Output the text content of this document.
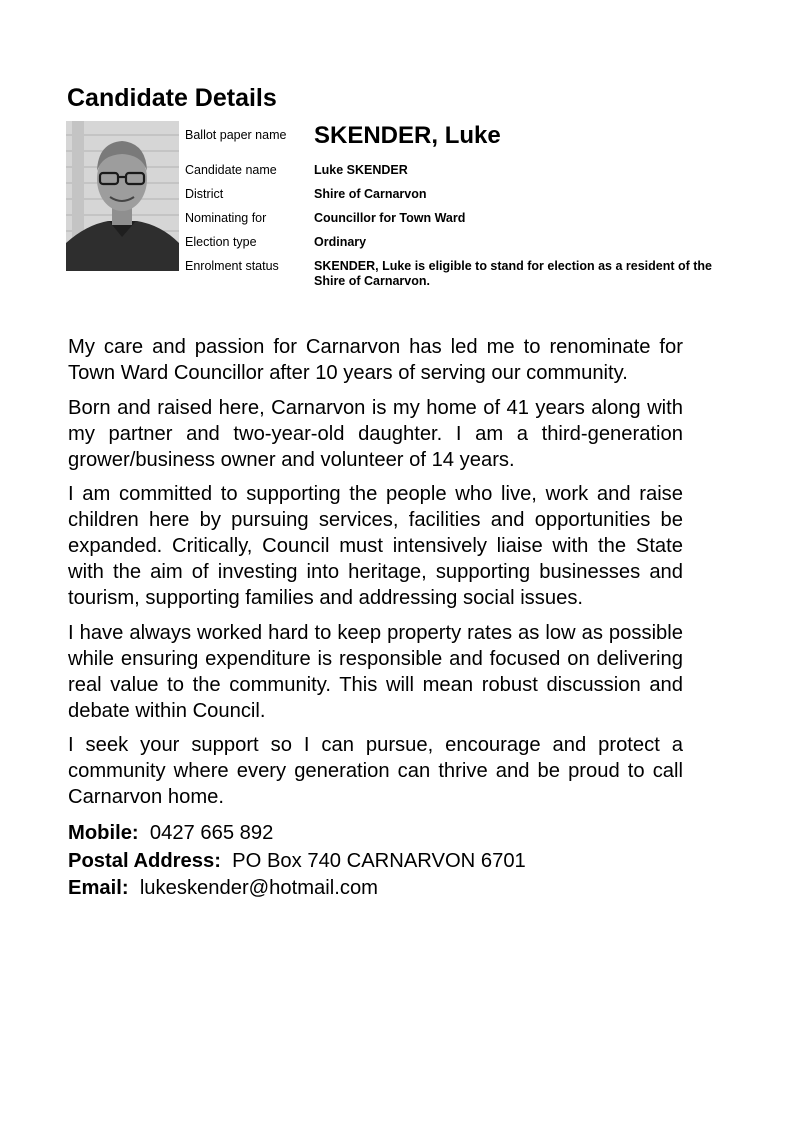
Candidate Details
Ballot paper name	SKENDER, Luke
Candidate name	Luke SKENDER
District	Shire of Carnarvon
Nominating for	Councillor for Town Ward
Election type	Ordinary
Enrolment status	SKENDER, Luke is eligible to stand for election as a resident of the Shire of Carnarvon.

My care and passion for Carnarvon has led me to renominate for Town Ward Councillor after 10 years of serving our community.

Born and raised here, Carnarvon is my home of 41 years along with my partner and two-year-old daughter. I am a third-generation grower/business owner and volunteer of 14 years.

I am committed to supporting the people who live, work and raise children here by pursuing services, facilities and opportunities be expanded. Critically, Council must intensively liaise with the State with the aim of investing into heritage, supporting businesses and tourism, supporting families and addressing social issues.

I have always worked hard to keep property rates as low as possible while ensuring expenditure is responsible and focused on delivering real value to the community. This will mean robust discussion and debate within Council.

I seek your support so I can pursue, encourage and protect a community where every generation can thrive and be proud to call Carnarvon home.

Mobile: 0427 665 892
Postal Address: PO Box 740 CARNARVON 6701
Email: lukeskender@hotmail.com
